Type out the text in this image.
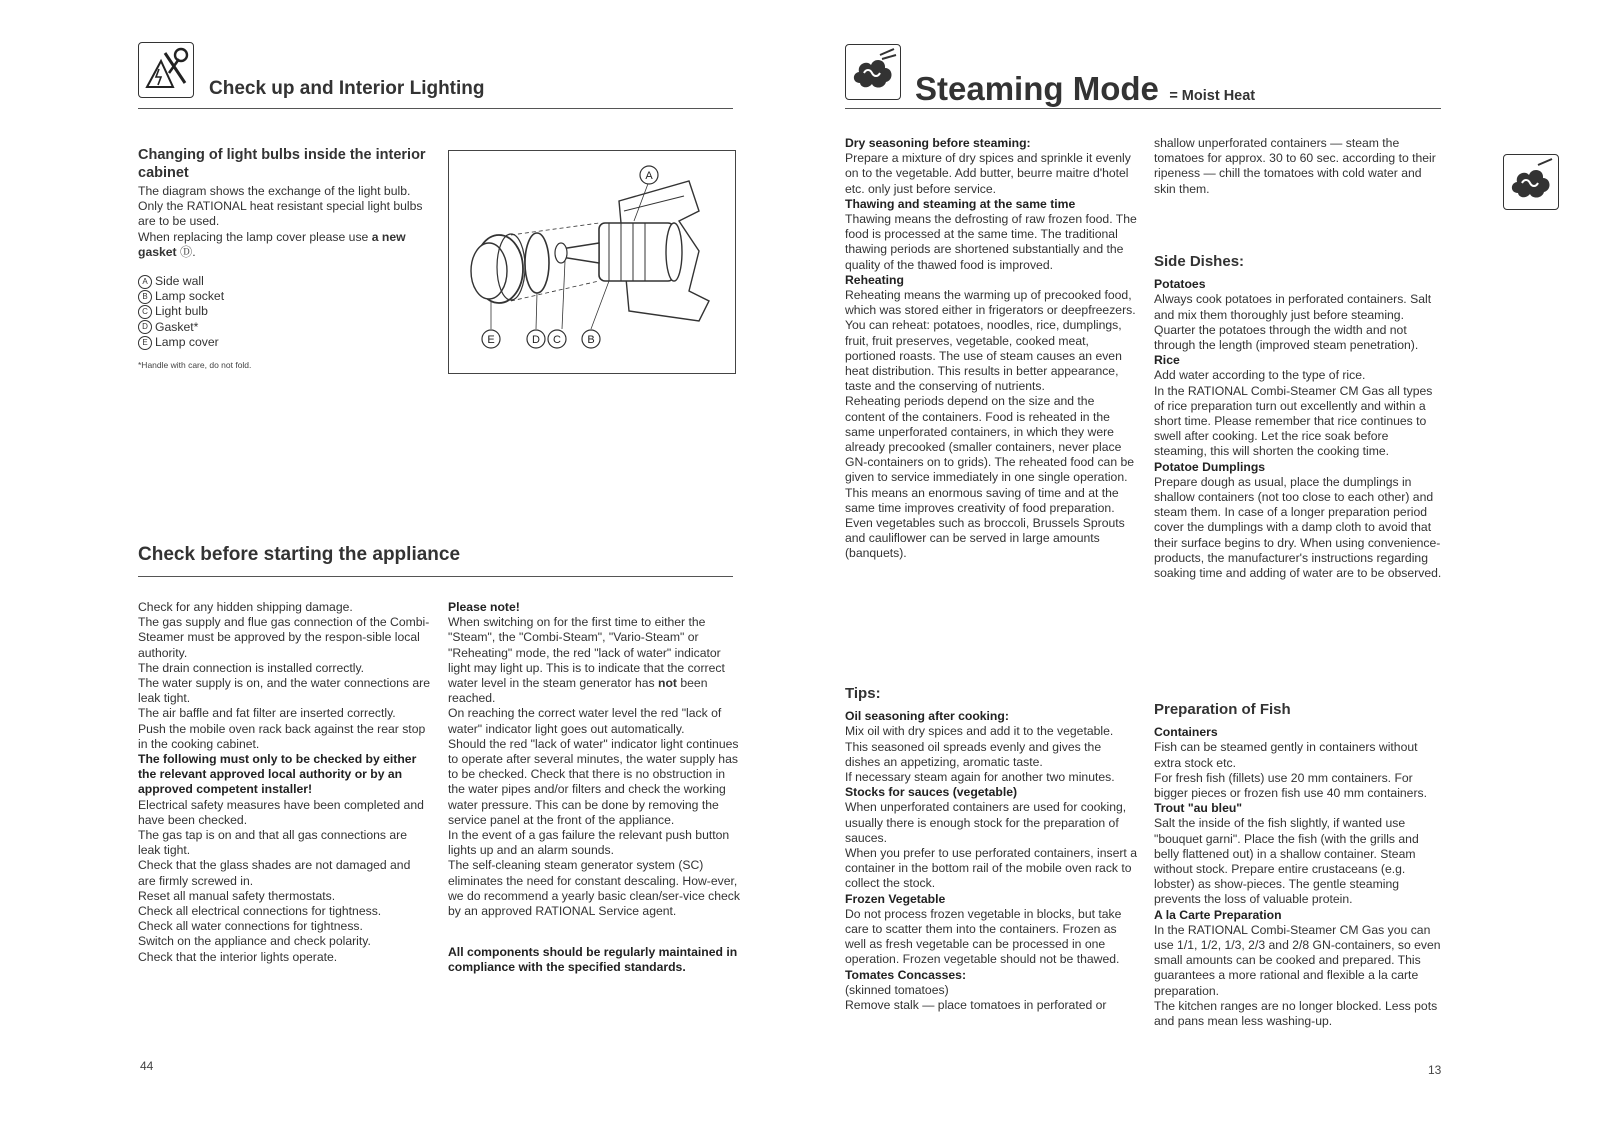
Check up and Interior Lighting

Changing of light bulbs inside the interior cabinet

The diagram shows the exchange of the light bulb.

Only the RATIONAL heat resistant special light bulbs are to be used.

When replacing the lamp cover please use a new gasket Ⓓ.

A Side wall
B Lamp socket
C Light bulb
D Gasket*
E Lamp cover
*Handle with care, do not fold.
A
E	D C B
Check before starting the appliance

Check for any hidden shipping damage.

The gas supply and flue gas connection of the Combi-Steamer must be approved by the respon-sible local authority.

The drain connection is installed correctly.

The water supply is on, and the water connections are leak tight.

The air baffle and fat filter are inserted correctly.

Push the mobile oven rack back against the rear stop in the cooking cabinet.

The following must only to be checked by either the relevant approved local authority or by an approved competent installer!

Electrical safety measures have been completed and have been checked.

The gas tap is on and that all gas connections are leak tight.

Check that the glass shades are not damaged and are firmly screwed in.

Reset all manual safety thermostats.

Check all electrical connections for tightness.

Check all water connections for tightness.

Switch on the appliance and check polarity.

Check that the interior lights operate.

Please note!

When switching on for the first time to either the "Steam", the "Combi-Steam", "Vario-Steam" or "Reheating" mode, the red "lack of water" indicator light may light up. This is to indicate that the correct water level in the steam generator has not been reached.

On reaching the correct water level the red "lack of water" indicator light goes out automatically.

Should the red "lack of water" indicator light continues to operate after several minutes, the water supply has to be checked. Check that there is no obstruction in the water pipes and/or filters and check the working water pressure. This can be done by removing the service panel at the front of the appliance.

In the event of a gas failure the relevant push button lights up and an alarm sounds.

The self-cleaning steam generator system (SC) eliminates the need for constant descaling. How-ever, we do recommend a yearly basic clean/ser-vice check by an approved RATIONAL Service agent.

All components should be regularly maintained in compliance with the specified standards.

44
Steaming Mode = Moist Heat

Dry seasoning before steaming:

Prepare a mixture of dry spices and sprinkle it evenly on to the vegetable. Add butter, beurre maitre d'hotel etc. only just before service.

Thawing and steaming at the same time

Thawing means the defrosting of raw frozen food. The food is processed at the same time. The traditional thawing periods are shortened substantially and the quality of the thawed food is improved.

Reheating

Reheating means the warming up of precooked food, which was stored either in frigerators or deepfreezers.
You can reheat: potatoes, noodles, rice, dumplings, fruit, fruit preserves, vegetable, cooked meat, portioned roasts. The use of steam causes an even heat distribution. This results in better appearance, taste and the conserving of nutrients.
Reheating periods depend on the size and the content of the containers. Food is reheated in the same unperforated containers, in which they were already precooked (smaller containers, never place GN-containers on to grids). The reheated food can be given to service immediately in one single operation. This means an enormous saving of time and at the same time improves creativity of food preparation.
Even vegetables such as broccoli, Brussels Sprouts and cauliflower can be served in large amounts (banquets).

Tips:

Oil seasoning after cooking:

Mix oil with dry spices and add it to the vegetable. This seasoned oil spreads evenly and gives the dishes an appetizing, aromatic taste.
If necessary steam again for another two minutes.

Stocks for sauces (vegetable)

When unperforated containers are used for cooking, usually there is enough stock for the preparation of sauces.
When you prefer to use perforated containers, insert a container in the bottom rail of the mobile oven rack to collect the stock.

Frozen Vegetable

Do not process frozen vegetable in blocks, but take care to scatter them into the containers. Frozen as well as fresh vegetable can be processed in one operation. Frozen vegetable should not be thawed.

Tomates Concasses:

(skinned tomatoes)
Remove stalk — place tomatoes in perforated or

shallow unperforated containers — steam the tomatoes for approx. 30 to 60 sec. according to their ripeness — chill the tomatoes with cold water and skin them.

Side Dishes:

Potatoes

Always cook potatoes in perforated containers. Salt and mix them thoroughly just before steaming. Quarter the potatoes through the width and not through the length (improved steam penetration).

Rice

Add water according to the type of rice.
In the RATIONAL Combi-Steamer CM Gas all types of rice preparation turn out excellently and within a short time. Please remember that rice continues to swell after cooking. Let the rice soak before steaming, this will shorten the cooking time.

Potatoe Dumplings

Prepare dough as usual, place the dumplings in shallow containers (not too close to each other) and steam them. In case of a longer preparation period cover the dumplings with a damp cloth to avoid that their surface begins to dry. When using convenience-products, the manufacturer's instructions regarding soaking time and adding of water are to be observed.

Preparation of Fish

Containers

Fish can be steamed gently in containers without extra stock etc.
For fresh fish (fillets) use 20 mm containers. For bigger pieces or frozen fish use 40 mm containers.

Trout "au bleu"

Salt the inside of the fish slightly, if wanted use "bouquet garni". Place the fish (with the grills and belly flattened out) in a shallow container. Steam without stock. Prepare entire crustaceans (e.g. lobster) as show-pieces. The gentle steaming prevents the loss of valuable protein.

A la Carte Preparation

In the RATIONAL Combi-Steamer CM Gas you can use 1/1, 1/2, 1/3, 2/3 and 2/8 GN-containers, so even small amounts can be cooked and prepared. This guarantees a more rational and flexible a la carte preparation.
The kitchen ranges are no longer blocked. Less pots and pans mean less washing-up.

13
